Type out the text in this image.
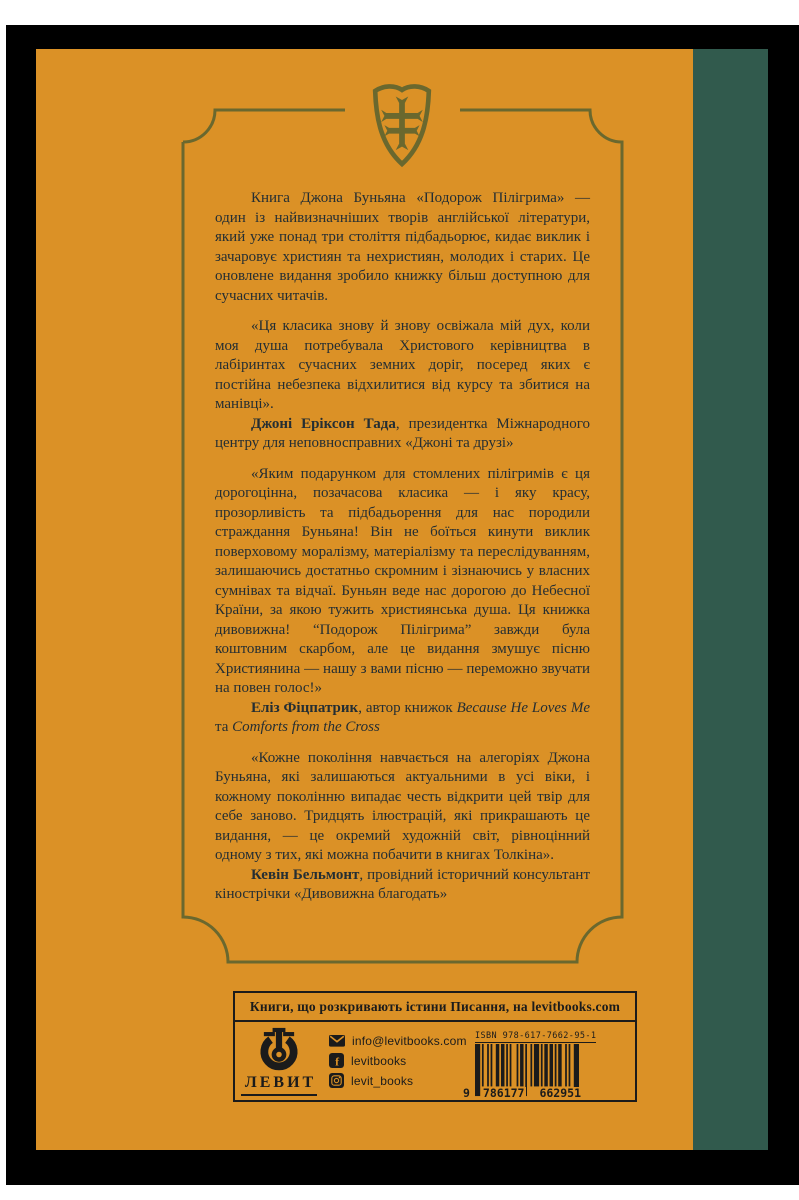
Книга Джона Буньяна «Подорож Пілігрима» — один із найвизначніших творів англійської літератури, який уже понад три століття підбадьорює, кидає виклик і зачаровує християн та нехристиян, молодих і старих. Це оновлене видання зробило книжку більш доступною для сучасних читачів.

«Ця класика знову й знову освіжала мій дух, коли моя душа потребувала Христового керівництва в лабіринтах сучасних земних доріг, посеред яких є постійна небезпека відхилитися від курсу та збитися на манівці».

Джоні Еріксон Тада, президентка Міжнародного центру для неповносправних «Джоні та друзі»

«Яким подарунком для стомлених пілігримів є ця дорогоцінна, позачасова класика — і яку красу, прозорливість та підбадьорення для нас породили страждання Буньяна! Він не боїться кинути виклик поверховому моралізму, матеріалізму та переслідуванням, залишаючись достатньо скромним і зізнаючись у власних сумнівах та відчаї. Буньян веде нас дорогою до Небесної Країни, за якою тужить християнська душа. Ця книжка дивовижна! “Подорож Пілігрима” завжди була коштовним скарбом, але це видання змушує пісню Християнина — нашу з вами пісню — переможно звучати на повен голос!»

Еліз Фіцпатрик, автор книжок Because He Loves Me та Comforts from the Cross

«Кожне покоління навчається на алегоріях Джона Буньяна, які залишаються актуальними в усі віки, і кожному поколінню випадає честь відкрити цей твір для себе заново. Тридцять ілюстрацій, які прикрашають це видання, — це окремий художній світ, рівноцінний одному з тих, які можна побачити в книгах Толкіна».

Кевін Бельмонт, провідний історичний консультант кінострічки «Дивовижна благодать»

Книги, що розкривають істини Писання, на levitbooks.com
ЛЕВИТ
info@levitbooks.com
f levitbooks
levit_books
ISBN 978-617-7662-95-1
9 786177 662951
